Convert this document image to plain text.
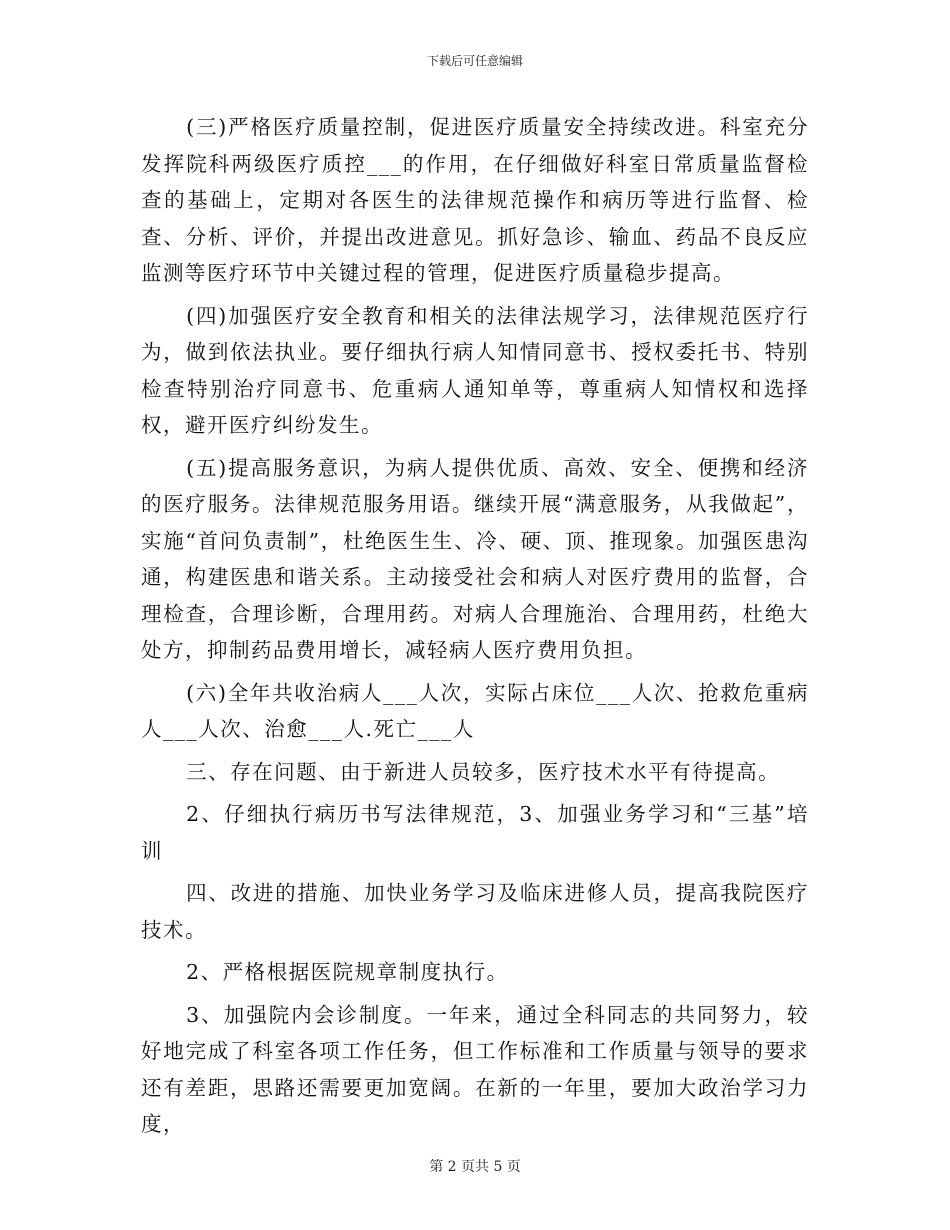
下载后可任意编辑

(三)严格医疗质量控制，促进医疗质量安全持续改进。科室充分发挥院科两级医疗质控___的作用，在仔细做好科室日常质量监督检查的基础上，定期对各医生的法律规范操作和病历等进行监督、检查、分析、评价，并提出改进意见。抓好急诊、输血、药品不良反应监测等医疗环节中关键过程的管理，促进医疗质量稳步提高。

(四)加强医疗安全教育和相关的法律法规学习，法律规范医疗行为，做到依法执业。要仔细执行病人知情同意书、授权委托书、特别检查特别治疗同意书、危重病人通知单等，尊重病人知情权和选择权，避开医疗纠纷发生。

(五)提高服务意识，为病人提供优质、高效、安全、便携和经济的医疗服务。法律规范服务用语。继续开展“满意服务，从我做起”，实施“首问负责制”，杜绝医生生、冷、硬、顶、推现象。加强医患沟通，构建医患和谐关系。主动接受社会和病人对医疗费用的监督，合理检查，合理诊断，合理用药。对病人合理施治、合理用药，杜绝大处方，抑制药品费用增长，减轻病人医疗费用负担。

(六)全年共收治病人___人次，实际占床位___人次、抢救危重病人___人次、治愈___人.死亡___人

三、存在问题、由于新进人员较多，医疗技术水平有待提高。

2、仔细执行病历书写法律规范，3、加强业务学习和“三基”培训

四、改进的措施、加快业务学习及临床进修人员，提高我院医疗技术。

2、严格根据医院规章制度执行。

3、加强院内会诊制度。一年来，通过全科同志的共同努力，较好地完成了科室各项工作任务，但工作标准和工作质量与领导的要求还有差距，思路还需要更加宽阔。在新的一年里，要加大政治学习力度，

第 2 页共 5 页
